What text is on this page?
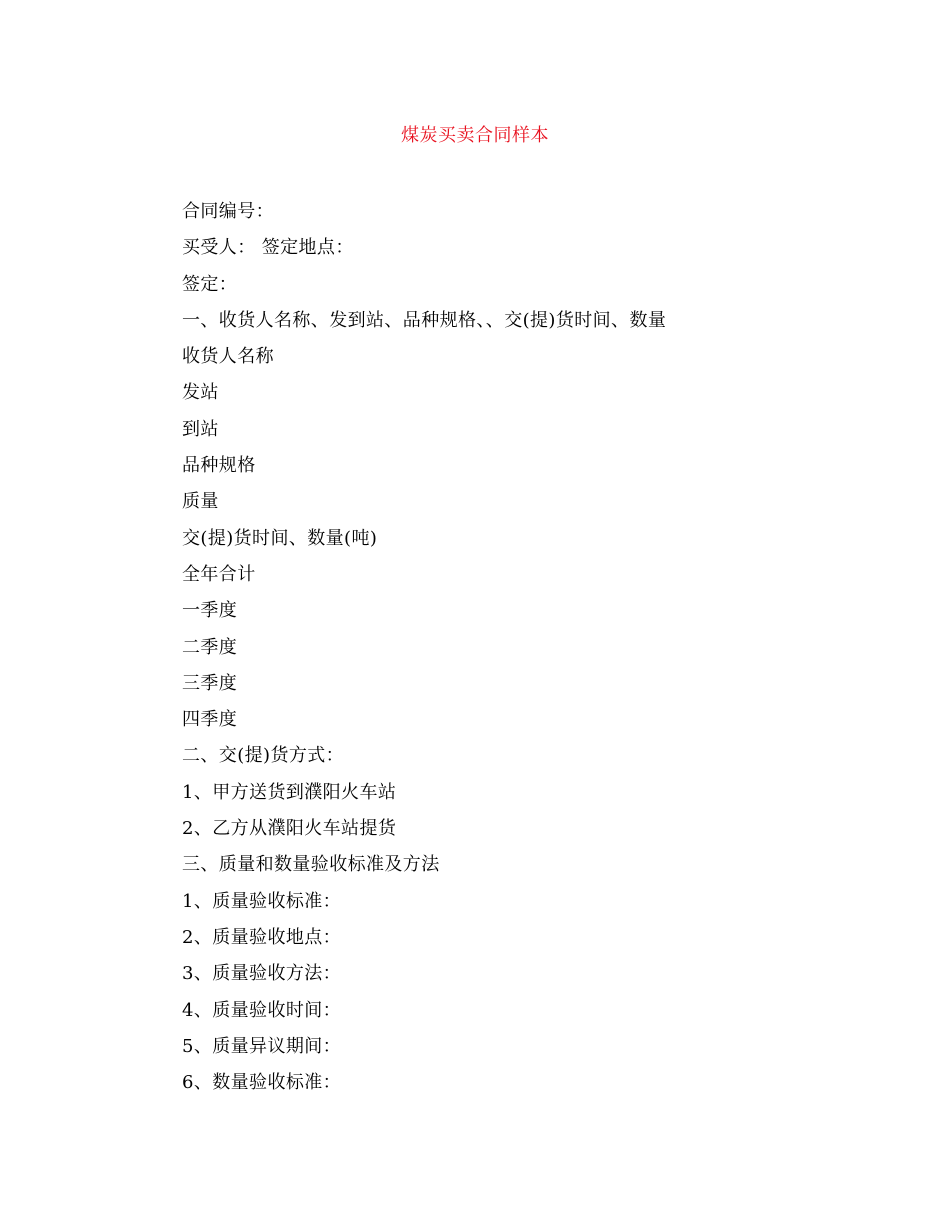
煤炭买卖合同样本
合同编号：
买受人： 签定地点：
签定：
一、收货人名称、发到站、品种规格、、交(提)货时间、数量
收货人名称
发站
到站
品种规格
质量
交(提)货时间、数量(吨)
全年合计
一季度
二季度
三季度
四季度
二、交(提)货方式：
1、甲方送货到濮阳火车站
2、乙方从濮阳火车站提货
三、质量和数量验收标准及方法
1、质量验收标准：
2、质量验收地点：
3、质量验收方法：
4、质量验收时间：
5、质量异议期间：
6、数量验收标准：
